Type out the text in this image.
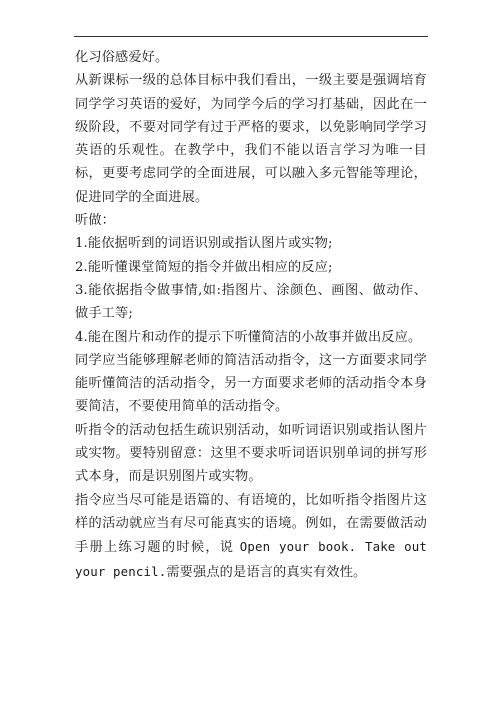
化习俗感爱好。

从新课标一级的总体目标中我们看出，一级主要是强调培育同学学习英语的爱好，为同学今后的学习打基础，因此在一级阶段，不要对同学有过于严格的要求，以免影响同学学习英语的乐观性。在教学中，我们不能以语言学习为唯一目标，更要考虑同学的全面进展，可以融入多元智能等理论，促进同学的全面进展。

听做：

1.能依据听到的词语识别或指认图片或实物;

2.能听懂课堂简短的指令并做出相应的反应;

3.能依据指令做事情,如:指图片、涂颜色、画图、做动作、做手工等;

4.能在图片和动作的提示下听懂简洁的小故事并做出反应。

同学应当能够理解老师的简洁活动指令，这一方面要求同学能听懂简洁的活动指令，另一方面要求老师的活动指令本身要简洁，不要使用简单的活动指令。

听指令的活动包括生疏识别活动，如听词语识别或指认图片或实物。要特别留意：这里不要求听词语识别单词的拼写形式本身，而是识别图片或实物。

指令应当尽可能是语篇的、有语境的，比如听指令指图片这样的活动就应当有尽可能真实的语境。例如，在需要做活动手册上练习题的时候，说 Open your book. Take out your pencil.需要强点的是语言的真实有效性。
